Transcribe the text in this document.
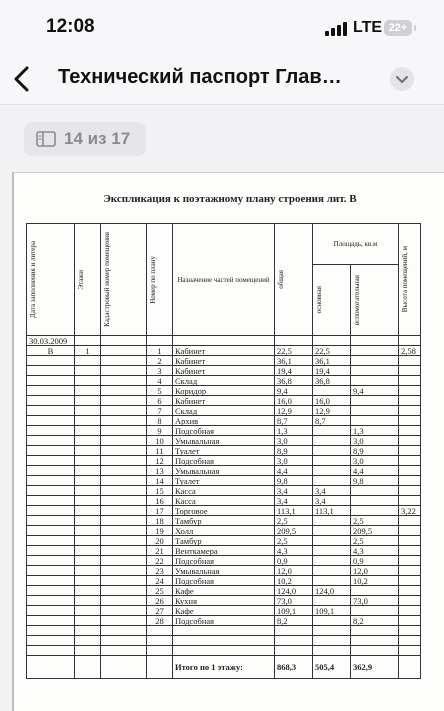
12:08	LTE 22+
Технический паспорт Глав…
14 из 17
Экспликация к поэтажному плану строения лит. В
Дата заполнения и литера	Этажи	Кадастровый номер помещения	Номер по плану	Назначение частей помещений	общая	Площадь, кв.м		Высота помещений, м

						основная	вспомогательная	

30.03.2009								
В	1		1	Кабинет	22,5	22,5		2,58
			2	Кабинет	36,1	36,1		
			3	Кабинет	19,4	19,4		
			4	Склад	36,8	36,8		
			5	Коридор	9,4		9,4	
			6	Кабинет	16,0	16,0		
			7	Склад	12,9	12,9		
			8	Архив	8,7	8,7		
			9	Подсобная	1,3		1,3	
			10	Умывальная	3,0		3,0	
			11	Туалет	8,9		8,9	
			12	Подсобная	3,0		3,0	
			13	Умывальная	4,4		4,4	
			14	Туалет	9,8		9,8	
			15	Касса	3,4	3,4		
			16	Касса	3,4	3,4		
			17	Торговое	113,1	113,1		3,22
			18	Тамбур	2,5		2,5	
			19	Холл	209,5		209,5	
			20	Тамбур	2,5		2,5	
			21	Венткамера	4,3		4,3	
			22	Подсобная	0,9		0,9	
			23	Умывальная	12,0		12,0	
			24	Подсобная	10,2		10,2	
			25	Кафе	124,0	124,0		
			26	Кухня	73,0		73,0	
			27	Кафе	109,1	109,1		
			28	Подсобная	8,2		8,2	

				Итого по 1 этажу:	868,3	505,4	362,9	
